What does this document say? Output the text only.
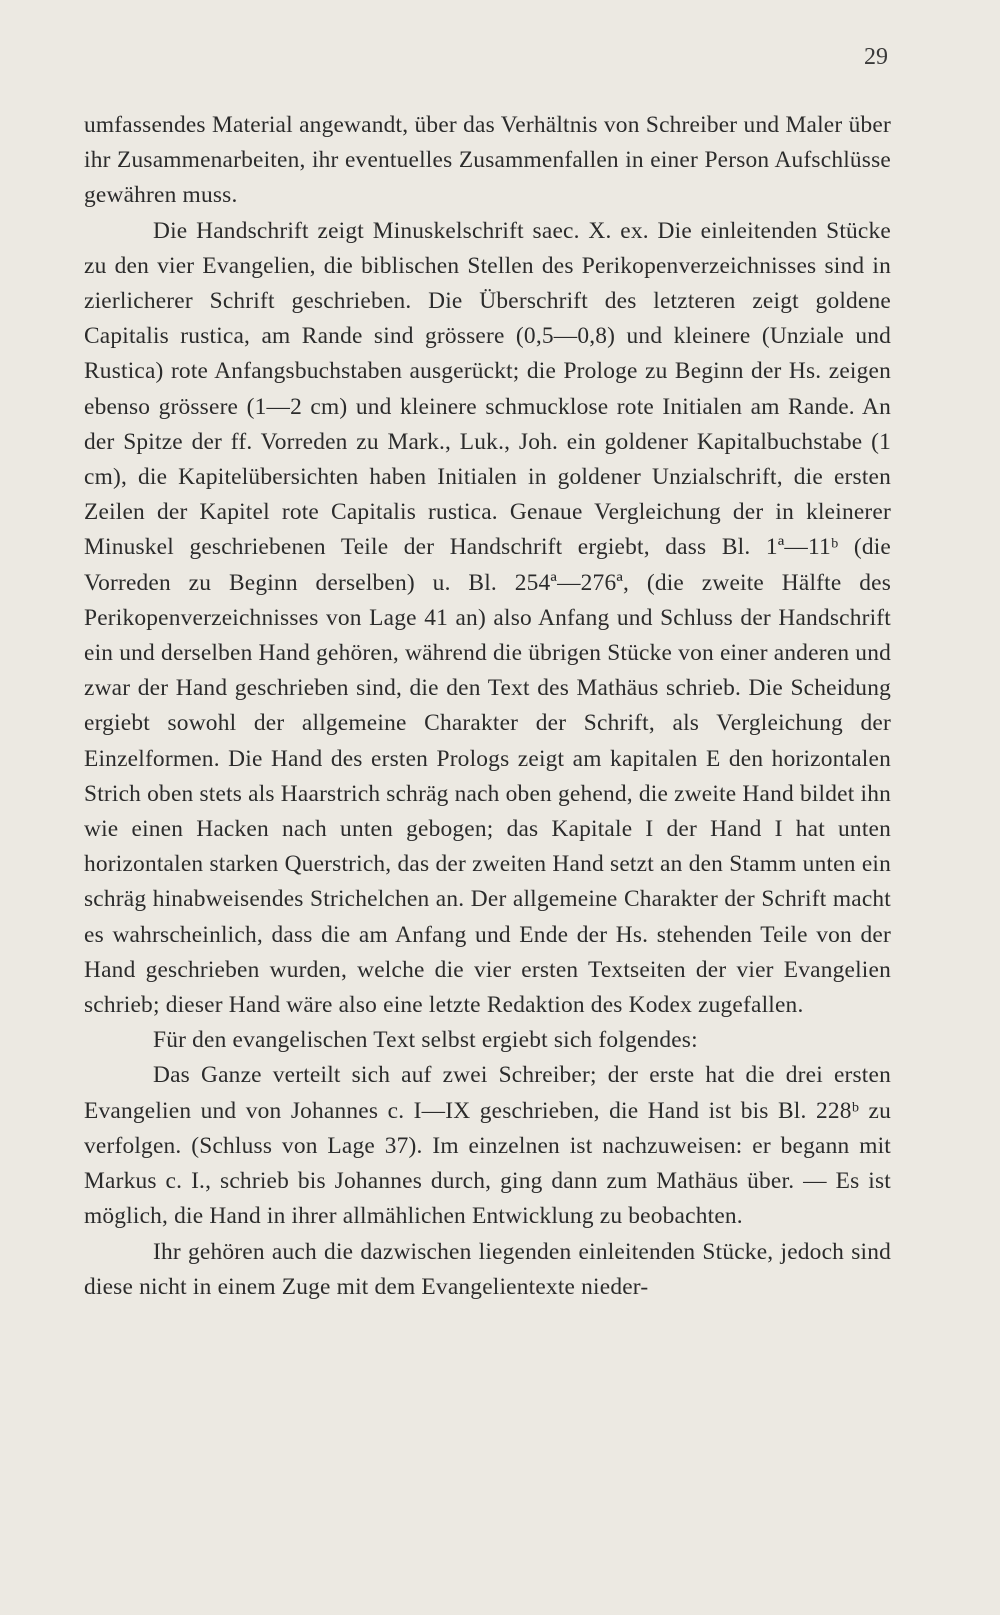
29

umfassendes Material angewandt, über das Verhältnis von Schreiber und Maler über ihr Zusammenarbeiten, ihr eventuelles Zusammenfallen in einer Person Aufschlüsse gewähren muss.

Die Handschrift zeigt Minuskelschrift saec. X. ex. Die einleitenden Stücke zu den vier Evangelien, die biblischen Stellen des Perikopenverzeichnisses sind in zierlicherer Schrift geschrieben. Die Überschrift des letzteren zeigt goldene Capitalis rustica, am Rande sind grössere (0,5—0,8) und kleinere (Unziale und Rustica) rote Anfangsbuchstaben ausgerückt; die Prologe zu Beginn der Hs. zeigen ebenso grössere (1—2 cm) und kleinere schmucklose rote Initialen am Rande. An der Spitze der ff. Vorreden zu Mark., Luk., Joh. ein goldener Kapitalbuchstabe (1 cm), die Kapitelübersichten haben Initialen in goldener Unzialschrift, die ersten Zeilen der Kapitel rote Capitalis rustica. Genaue Vergleichung der in kleinerer Minuskel geschriebenen Teile der Handschrift ergiebt, dass Bl. 1ª—11ᵇ (die Vorreden zu Beginn derselben) u. Bl. 254ª—276ª, (die zweite Hälfte des Perikopenverzeichnisses von Lage 41 an) also Anfang und Schluss der Handschrift ein und derselben Hand gehören, während die übrigen Stücke von einer anderen und zwar der Hand geschrieben sind, die den Text des Mathäus schrieb. Die Scheidung ergiebt sowohl der allgemeine Charakter der Schrift, als Vergleichung der Einzelformen. Die Hand des ersten Prologs zeigt am kapitalen E den horizontalen Strich oben stets als Haarstrich schräg nach oben gehend, die zweite Hand bildet ihn wie einen Hacken nach unten gebogen; das Kapitale I der Hand I hat unten horizontalen starken Querstrich, das der zweiten Hand setzt an den Stamm unten ein schräg hinabweisendes Strichelchen an. Der allgemeine Charakter der Schrift macht es wahrscheinlich, dass die am Anfang und Ende der Hs. stehenden Teile von der Hand geschrieben wurden, welche die vier ersten Textseiten der vier Evangelien schrieb; dieser Hand wäre also eine letzte Redaktion des Kodex zugefallen.

Für den evangelischen Text selbst ergiebt sich folgendes:

Das Ganze verteilt sich auf zwei Schreiber; der erste hat die drei ersten Evangelien und von Johannes c. I—IX geschrieben, die Hand ist bis Bl. 228ᵇ zu verfolgen. (Schluss von Lage 37). Im einzelnen ist nachzuweisen: er begann mit Markus c. I., schrieb bis Johannes durch, ging dann zum Mathäus über. — Es ist möglich, die Hand in ihrer allmählichen Entwicklung zu beobachten.

Ihr gehören auch die dazwischen liegenden einleitenden Stücke, jedoch sind diese nicht in einem Zuge mit dem Evangelientexte nieder-
